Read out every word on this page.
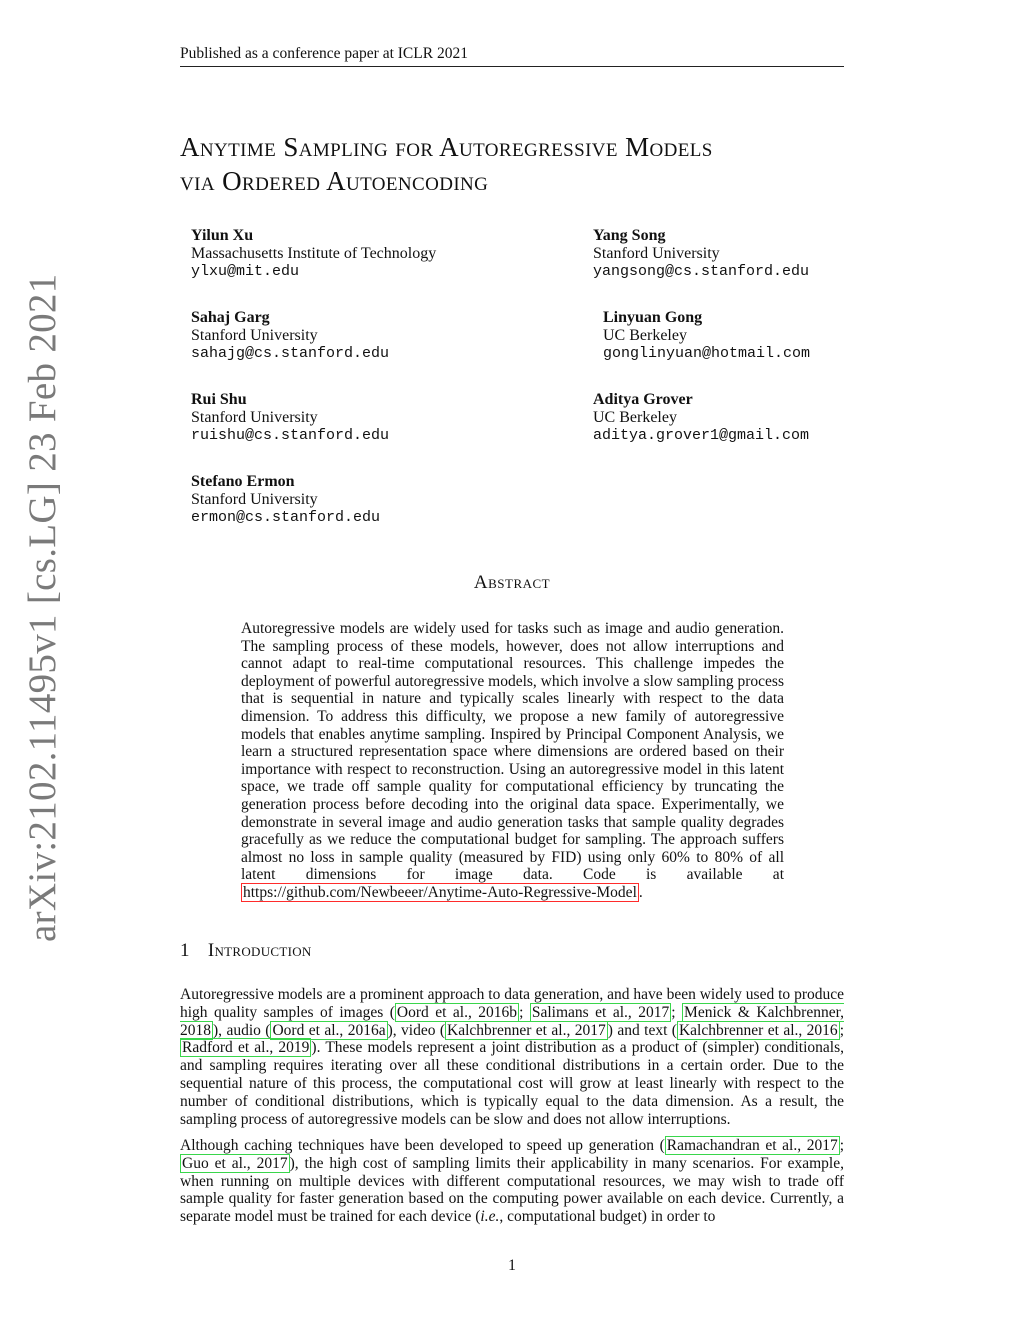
Published as a conference paper at ICLR 2021
Anytime Sampling for Autoregressive Models
via Ordered Autoencoding
arXiv:2102.11495v1 [cs.LG] 23 Feb 2021
Yilun Xu
Massachusetts Institute of Technology
ylxu@mit.edu
Yang Song
Stanford University
yangsong@cs.stanford.edu
Sahaj Garg
Stanford University
sahajg@cs.stanford.edu
Linyuan Gong
UC Berkeley
gonglinyuan@hotmail.com
Rui Shu
Stanford University
ruishu@cs.stanford.edu
Aditya Grover
UC Berkeley
aditya.grover1@gmail.com
Stefano Ermon
Stanford University
ermon@cs.stanford.edu
Abstract
Autoregressive models are widely used for tasks such as image and audio generation. The sampling process of these models, however, does not allow interruptions and cannot adapt to real-time computational resources. This challenge impedes the deployment of powerful autoregressive models, which involve a slow sampling process that is sequential in nature and typically scales linearly with respect to the data dimension. To address this difficulty, we propose a new family of autoregressive models that enables anytime sampling. Inspired by Principal Component Analysis, we learn a structured representation space where dimensions are ordered based on their importance with respect to reconstruction. Using an autoregressive model in this latent space, we trade off sample quality for computational efficiency by truncating the generation process before decoding into the original data space. Experimentally, we demonstrate in several image and audio generation tasks that sample quality degrades gracefully as we reduce the computational budget for sampling. The approach suffers almost no loss in sample quality (measured by FID) using only 60% to 80% of all latent dimensions for image data. Code is available at https://github.com/Newbeeer/Anytime-Auto-Regressive-Model .
1 Introduction
Autoregressive models are a prominent approach to data generation, and have been widely used to produce high quality samples of images ( Oord et al., 2016b ; Salimans et al., 2017 ; Menick & Kalchbrenner, 2018 ), audio ( Oord et al., 2016a ), video ( Kalchbrenner et al., 2017 ) and text ( Kalchbrenner et al., 2016 ; Radford et al., 2019 ). These models represent a joint distribution as a product of (simpler) conditionals, and sampling requires iterating over all these conditional distributions in a certain order. Due to the sequential nature of this process, the computational cost will grow at least linearly with respect to the number of conditional distributions, which is typically equal to the data dimension. As a result, the sampling process of autoregressive models can be slow and does not allow interruptions.
Although caching techniques have been developed to speed up generation ( Ramachandran et al., 2017 ; Guo et al., 2017 ), the high cost of sampling limits their applicability in many scenarios. For example, when running on multiple devices with different computational resources, we may wish to trade off sample quality for faster generation based on the computing power available on each device. Currently, a separate model must be trained for each device (i.e., computational budget) in order to
1
